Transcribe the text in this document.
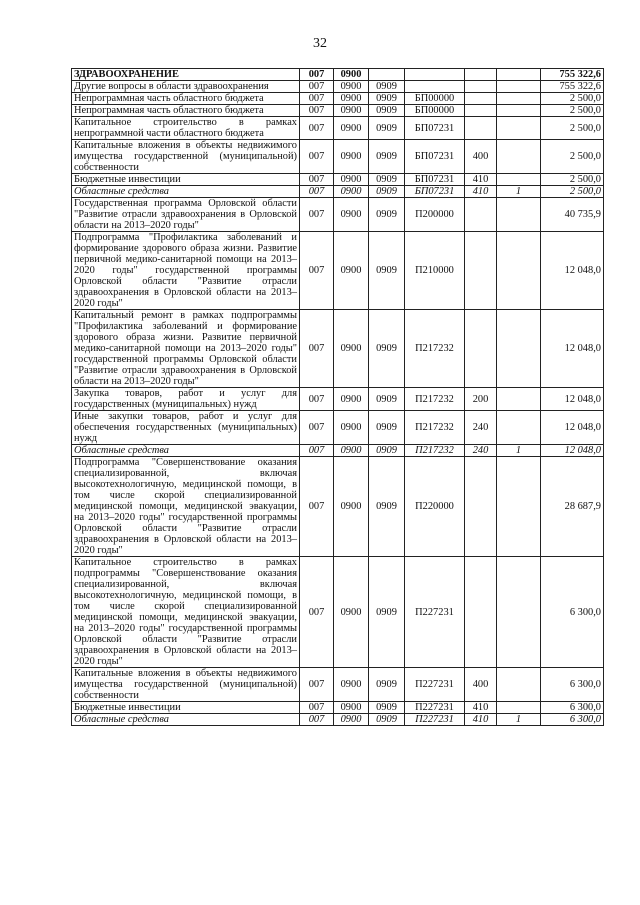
32
ЗДРАВООХРАНЕНИЕ	007	0900					755 322,6
Другие вопросы в области здравоохранения	007	0900	0909				755 322,6
Непрограммная часть областного бюджета	007	0900	0909	БП00000			2 500,0
Непрограммная часть областного бюджета	007	0900	0909	БП00000			2 500,0
Капитальное строительство в рамках непрограммной части областного бюджета	007	0900	0909	БП07231			2 500,0
Капитальные вложения в объекты недвижимого имущества государственной (муниципальной) собственности	007	0900	0909	БП07231	400		2 500,0
Бюджетные инвестиции	007	0900	0909	БП07231	410		2 500,0
Областные средства	007	0900	0909	БП07231	410	1	2 500,0
Государственная программа Орловской области "Развитие отрасли здравоохранения в Орловской области на 2013–2020 годы"	007	0900	0909	П200000			40 735,9
Подпрограмма "Профилактика заболеваний и формирование здорового образа жизни. Развитие первичной медико-санитарной помощи на 2013–2020 годы" государственной программы Орловской области "Развитие отрасли здравоохранения в Орловской области на 2013–2020 годы"	007	0900	0909	П210000			12 048,0
Капитальный ремонт в рамках подпрограммы "Профилактика заболеваний и формирование здорового образа жизни. Развитие первичной медико-санитарной помощи на 2013–2020 годы" государственной программы Орловской области "Развитие отрасли здравоохранения в Орловской области на 2013–2020 годы"	007	0900	0909	П217232			12 048,0
Закупка товаров, работ и услуг для государственных (муниципальных) нужд	007	0900	0909	П217232	200		12 048,0
Иные закупки товаров, работ и услуг для обеспечения государственных (муниципальных) нужд	007	0900	0909	П217232	240		12 048,0
Областные средства	007	0900	0909	П217232	240	1	12 048,0
Подпрограмма "Совершенствование оказания специализированной, включая высокотехнологичную, медицинской помощи, в том числе скорой специализированной медицинской помощи, медицинской эвакуации, на 2013–2020 годы" государственной программы Орловской области "Развитие отрасли здравоохранения в Орловской области на 2013–2020 годы"	007	0900	0909	П220000			28 687,9
Капитальное строительство в рамках подпрограммы "Совершенствование оказания специализированной, включая высокотехнологичную, медицинской помощи, в том числе скорой специализированной медицинской помощи, медицинской эвакуации, на 2013–2020 годы" государственной программы Орловской области "Развитие отрасли здравоохранения в Орловской области на 2013–2020 годы"	007	0900	0909	П227231			6 300,0
Капитальные вложения в объекты недвижимого имущества государственной (муниципальной) собственности	007	0900	0909	П227231	400		6 300,0
Бюджетные инвестиции	007	0900	0909	П227231	410		6 300,0
Областные средства	007	0900	0909	П227231	410	1	6 300,0
